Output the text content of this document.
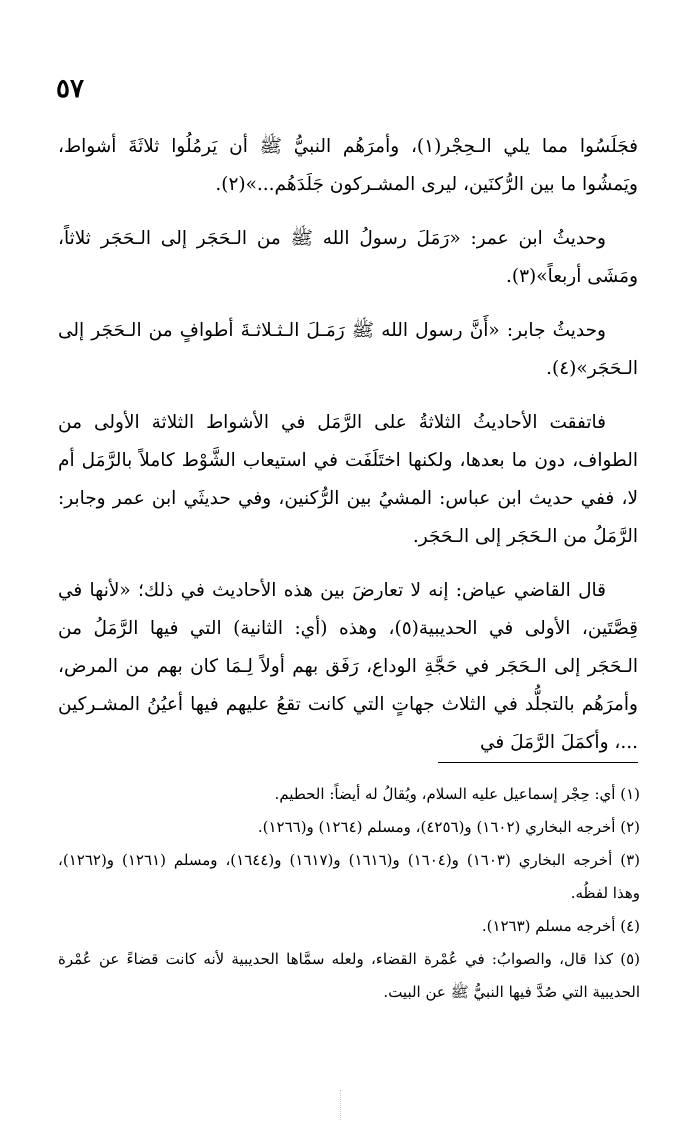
٥٧

فجَلَسُوا مما يلي الـحِجْر(١)، وأمرَهُم النبيُّ ﷺ أن يَرمُلُوا ثلاثَةَ أشواط، ويَمشُوا ما بين الرُّكنَين، ليرى المشـركون جَلَدَهُم...»(٢).

وحديثُ ابن عمر: «رَمَلَ رسولُ الله ﷺ من الـحَجَر إلى الـحَجَر ثلاثاً، ومَشَى أربعاً»(٣).

وحديثُ جابر: «أَنَّ رسول الله ﷺ رَمَـلَ الـثـلاثـةَ أطوافٍ من الـحَجَر إلى الـحَجَر»(٤).

فاتفقت الأحاديثُ الثلاثةُ على الرَّمَل في الأشواط الثلاثة الأولى من الطواف، دون ما بعدها، ولكنها اختَلَفَت في استيعاب الشَّوْط كاملاً بالرَّمَل أم لا، ففي حديث ابن عباس: المشيُ بين الرُّكنين، وفي حديثَي ابن عمر وجابر: الرَّمَلُ من الـحَجَر إلى الـحَجَر.

قال القاضي عياض: إنه لا تعارضَ بين هذه الأحاديث في ذلك؛ «لأنها في قِصَّتَين، الأولى في الحديبية(٥)، وهذه (أي: الثانية) التي فيها الرَّمَلُ من الـحَجَر إلى الـحَجَر في حَجَّةِ الوداع، رَفَق بهم أولاً لِـمَا كان بهم من المرض، وأمرَهُم بالتجلُّد في الثلاث جهاتٍ التي كانت تقعُ عليهم فيها أعيُنُ المشـركين ...، وأكمَلَ الرَّمَلَ في

(١) أي: حِجْر إسماعيل عليه السلام، ويُقالُ له أيضاً: الحطيم.

(٢) أخرجه البخاري (١٦٠٢) و(٤٢٥٦)، ومسلم (١٢٦٤) و(١٢٦٦).

(٣) أخرجه البخاري (١٦٠٣) و(١٦٠٤) و(١٦١٦) و(١٦١٧) و(١٦٤٤)، ومسلم (١٢٦١) و(١٢٦٢)، وهذا لفظُه.

(٤) أخرجه مسلم (١٢٦٣).

(٥) كذا قال، والصوابُ: في عُمْرة القضاء، ولعله سمَّاها الحديبية لأنه كانت قضاءً عن عُمْرة الحديبية التي صُدَّ فيها النبيُّ ﷺ عن البيت.
